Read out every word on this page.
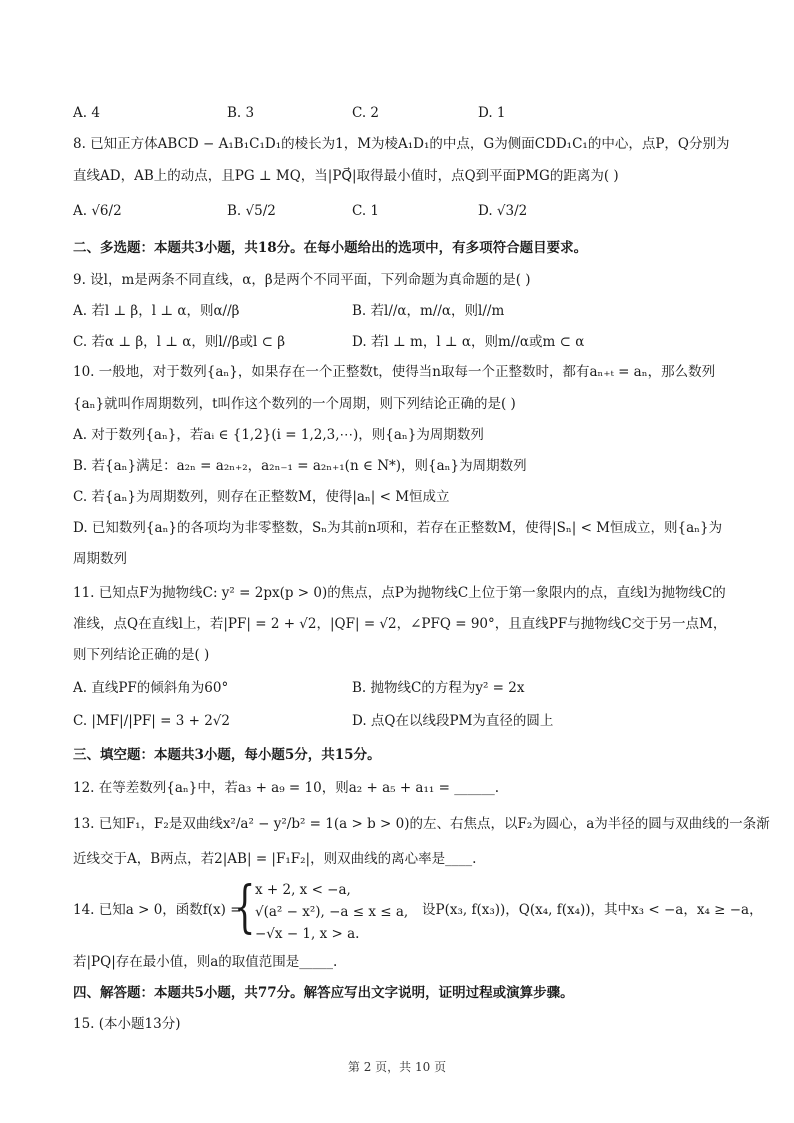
A. 4	B. 3	C. 2	D. 1
8. 已知正方体ABCD − A₁B₁C₁D₁的棱长为1，M为棱A₁D₁的中点，G为侧面CDD₁C₁的中心，点P，Q分别为
直线AD，AB上的动点，且PG ⊥ MQ，当|PQ⃗|取得最小值时，点Q到平面PMG的距离为( )
A. √6/2	B. √5/2	C. 1	D. √3/2
二、多选题：本题共3小题，共18分。在每小题给出的选项中，有多项符合题目要求。
9. 设l，m是两条不同直线，α，β是两个不同平面，下列命题为真命题的是( )
A. 若l ⊥ β，l ⊥ α，则α//β	B. 若l//α，m//α，则l//m
C. 若α ⊥ β，l ⊥ α，则l//β或l ⊂ β	D. 若l ⊥ m，l ⊥ α，则m//α或m ⊂ α
10. 一般地，对于数列{aₙ}，如果存在一个正整数t，使得当n取每一个正整数时，都有aₙ₊ₜ = aₙ，那么数列
{aₙ}就叫作周期数列，t叫作这个数列的一个周期，则下列结论正确的是( )
A. 对于数列{aₙ}，若aᵢ ∈ {1,2}(i = 1,2,3,⋯)，则{aₙ}为周期数列
B. 若{aₙ}满足：a₂ₙ = a₂ₙ₊₂，a₂ₙ₋₁ = a₂ₙ₊₁(n ∈ N*)，则{aₙ}为周期数列
C. 若{aₙ}为周期数列，则存在正整数M，使得|aₙ| < M恒成立
D. 已知数列{aₙ}的各项均为非零整数，Sₙ为其前n项和，若存在正整数M，使得|Sₙ| < M恒成立，则{aₙ}为
周期数列
11. 已知点F为抛物线C: y² = 2px(p > 0)的焦点，点P为抛物线C上位于第一象限内的点，直线l为抛物线C的
准线，点Q在直线l上，若|PF| = 2 + √2，|QF| = √2，∠PFQ = 90°，且直线PF与抛物线C交于另一点M，
则下列结论正确的是( )
A. 直线PF的倾斜角为60°	B. 抛物线C的方程为y² = 2x
C. |MF|/|PF| = 3 + 2√2	D. 点Q在以线段PM为直径的圆上
三、填空题：本题共3小题，每小题5分，共15分。
12. 在等差数列{aₙ}中，若a₃ + a₉ = 10，则a₂ + a₅ + a₁₁ = ______.
13. 已知F₁，F₂是双曲线x²/a² − y²/b² = 1(a > b > 0)的左、右焦点，以F₂为圆心，a为半径的圆与双曲线的一条渐
近线交于A，B两点，若2|AB| = |F₁F₂|，则双曲线的离心率是____.
14. 已知a > 0，函数f(x) =
{ x + 2, x < −a,
√(a² − x²), −a ≤ x ≤ a,
−√x − 1, x > a.
设P(x₃, f(x₃))，Q(x₄, f(x₄))，其中x₃ < −a，x₄ ≥ −a，
若|PQ|存在最小值，则a的取值范围是_____.
四、解答题：本题共5小题，共77分。解答应写出文字说明，证明过程或演算步骤。
15. (本小题13分)
第 2 页，共 10 页
